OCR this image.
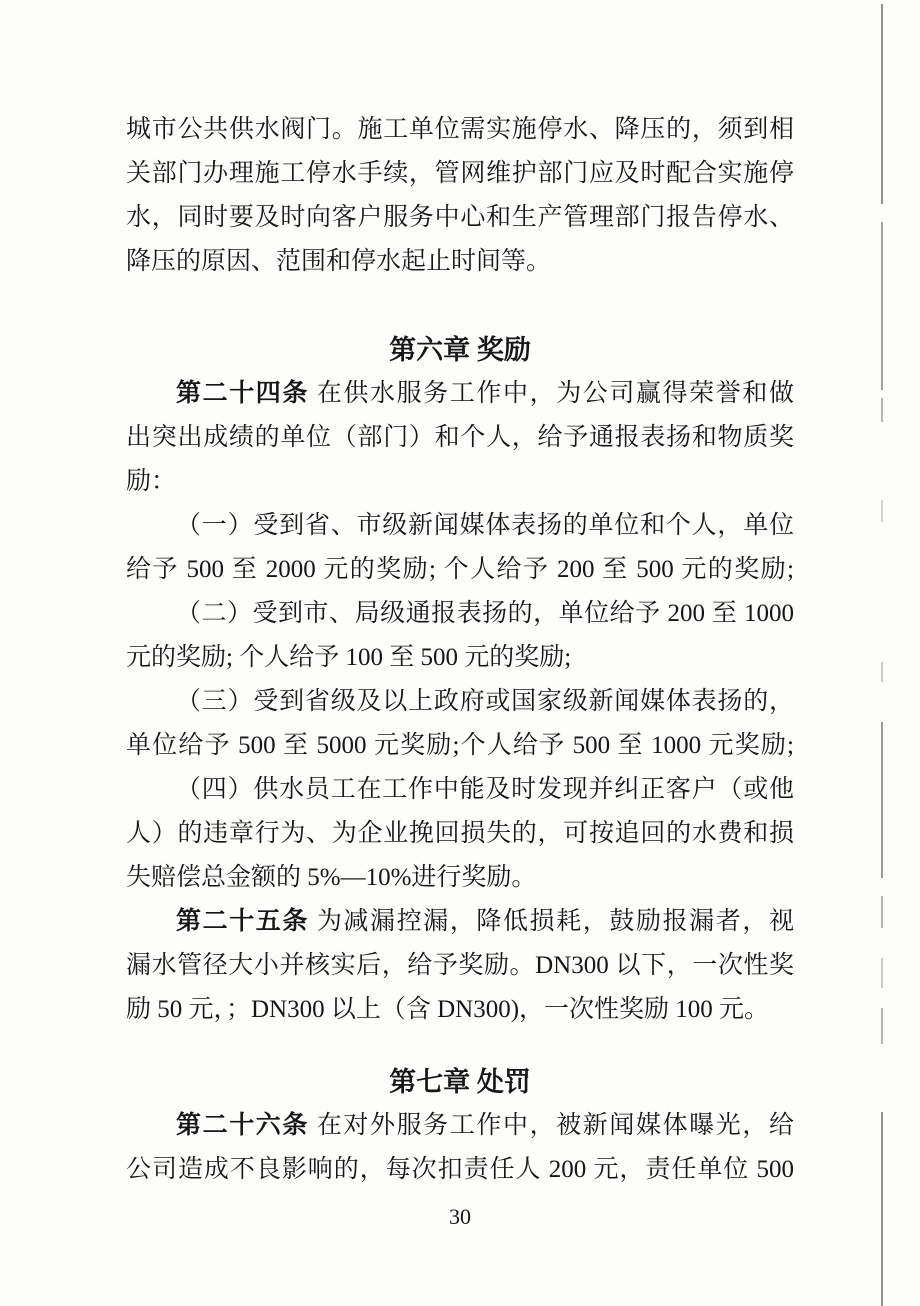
城市公共供水阀门。施工单位需实施停水、降压的，须到相
关部门办理施工停水手续，管网维护部门应及时配合实施停
水，同时要及时向客户服务中心和生产管理部门报告停水、
降压的原因、范围和停水起止时间等。
第六章 奖励
第二十四条 在供水服务工作中，为公司赢得荣誉和做
出突出成绩的单位（部门）和个人，给予通报表扬和物质奖
励：
（一）受到省、市级新闻媒体表扬的单位和个人，单位
给予 500 至 2000 元的奖励; 个人给予 200 至 500 元的奖励;
（二）受到市、局级通报表扬的，单位给予 200 至 1000
元的奖励; 个人给予 100 至 500 元的奖励;
（三）受到省级及以上政府或国家级新闻媒体表扬的，
单位给予 500 至 5000 元奖励;个人给予 500 至 1000 元奖励;
（四）供水员工在工作中能及时发现并纠正客户（或他
人）的违章行为、为企业挽回损失的，可按追回的水费和损
失赔偿总金额的 5%—10%进行奖励。
第二十五条 为减漏控漏，降低损耗，鼓励报漏者，视
漏水管径大小并核实后，给予奖励。DN300 以下，一次性奖
励 50 元，；DN300 以上（含 DN300)，一次性奖励 100 元。
第七章 处罚
第二十六条 在对外服务工作中，被新闻媒体曝光，给
公司造成不良影响的，每次扣责任人 200 元，责任单位 500
30
